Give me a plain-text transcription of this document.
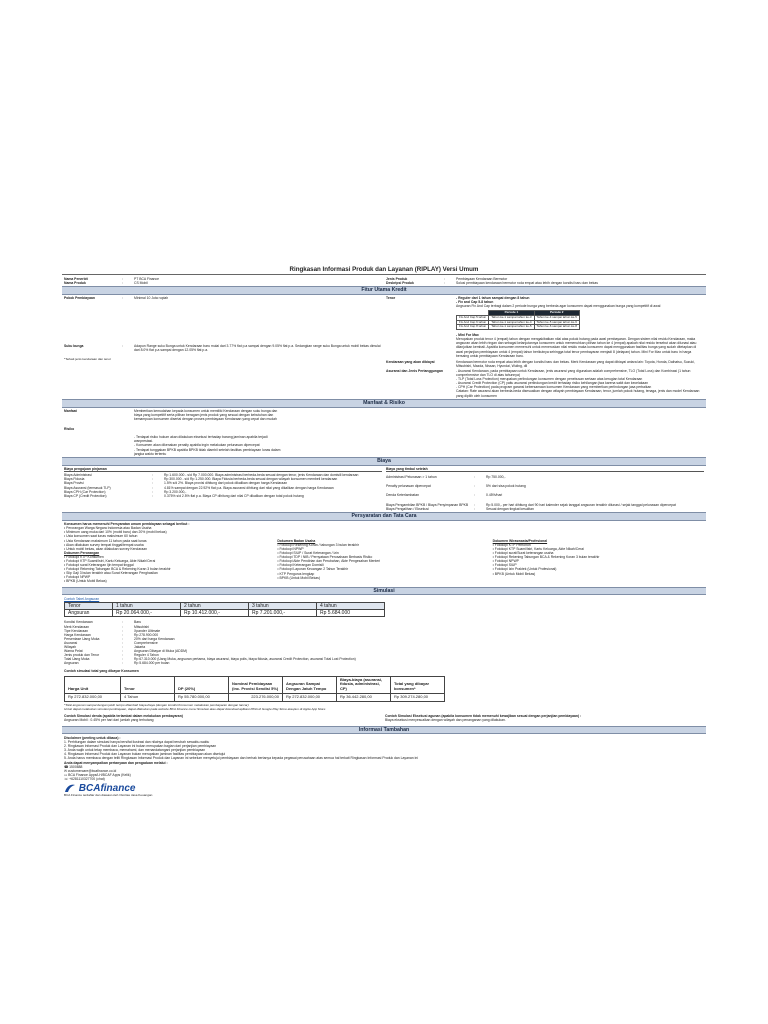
Ringkasan Informasi Produk dan Layanan (RIPLAY) Versi Umum
Nama Penerbit	:	PT BCA Finance
Nama Produk	:	CS Mobil
Jenis Produk	:	Pembiayaan Kendaraan Bermotor
Deskripsi Produk	:	Solusi pembiayaan kendaraan bermotor roda empat atau lebih dengan kondisi baru dan bekas
Fitur Utama Kredit
Pokok Pembiayaan	:	Minimal 10 Juta rupiah
Suku bunga	:	Adapun Range suku Bunga untuk Kendaraan baru mulai dari 3.77% flat p.a sampai dengan 9.05% flat p.a. Sedangkan range suku Bunga untuk mobil bekas dimulai dari 8.0% flat p.a sampai dengan 12.05% flat p.a.
*Terkait jenis kendaraan dan tenor
Tenor	- Reguler dari 1 tahun sampai dengan 8 tahun
- Fix and Cap 5-8 tahun
Angsuran Fix And Cap terbagi dalam 2 periode bunga yang berbeda agar konsumen dapat menggunakan bunga yang kompetitif di awal
	Periode 1	Periode 2
Fix And Cap 5 tahun	Tahun ke-1 sampai tahun ke-3	Tahun ke-4 sampai tahun ke-5
Fix And Cap 6 tahun	Tahun ke-1 sampai tahun ke-4	Tahun ke-5 sampai tahun ke-6
Fix And Cap 8 tahun	Tahun ke-1 sampai tahun ke-5	Tahun ke-6 sampai tahun ke-8
- Mini For Max
Merupakan produk tenor 4 (empat) tahun dengan mengakibatkan nilai atas pokok hutang pada awal pembayaran. Dengan sistem nilai residu Kendaraan, maka angsuran akan lebih ringan dan sebagai kelanjutannya konsumen untuk memenuhkan pilihan tahun ke 4 (empat) apakah nilai residu tersebut akan dilunasi atau dilanjutkan kembali. Apabila konsumen memenuhi untuk meneruskan nilai residu maka konsumen dapat menggunakan fasilitas bunga yang sudah ditetapkan di awal perjanjian pembiayaan untuk 4 (empat) tahun berikutnya sehingga total tenor pembayaran menjadi 8 (delapan) tahun. Mini For Max untuk baru in harga bersaing untuk pembiayaan Kendaraan baru.
Kendaraan yang akan dibiayai	Kendaraan bermotor roda empat atau lebih dengan kondisi baru dan bekas. Merk Kendaraan yang dapat dibiayai antara lain: Toyota, Honda, Daihatsu, Suzuki, Mitsubishi, Mazda, Nissan, Hyundai, Wuling, dll
Asuransi dan Jenis Pertanggungan	- Asuransi Kendaraan, pada pembiayaan untuk Kendaraan, jenis asuransi yang digunakan adalah comprehensive, TLO (Total Loss) dan Kombinasi (1 tahun comprehensive dan TLO di atas tahunnya)
- TLP (Total Loss Protection) merupakan perlindungan konsumen dengan penebusan sertaan atas kerugian total Kendaraan
- Asuransi Credit Protection (CP) yaitu asuransi perlindungan kredit terhadap risiko kehilangan jiwa karena sakit dan kecelakaan
- CPH (Car Protection) pada program garansi kebersamaan konsumen Kendaraan yang memberikan perlindungan jasa perbaikan
Catatan: Rate asuransi akan berbeda-beda disesuaikan dengan wilayah pembiayaan Kendaraan, tenor, jumlah pokok hutang, tenaga, jenis dan model Kendaraan yang dipilih oleh konsumen
Manfaat & Risiko
Manfaat	Memberikan kemudahan kepada konsumen untuk memiliki Kendaraan dengan suku bunga dan biaya yang kompetitif serta pilihan beragam jenis produk yang sesuai dengan kebutuhan dan kemampuan konsumen disertai dengan proses pembiayaan Kendaraan yang cepat dan mudah
Risiko
- Terdapat risiko hukum akan dilakukan eksekusi terhadap barang jaminan apabila terjadi wanprestasi.
- Konsumen akan dikenakan penalty apabila ingin melakukan pelunasan dipercepat
- Terdapat tunggakan BPKB apabila BPKB tidak diambil setelah fasilitas pembiayaan lunas dalam jangka waktu tertentu
Biaya
Biaya pengajuan pinjaman
Biaya Administrasi	:	Rp 1.600.000 - s/d Rp 7.000.000. Biaya administrasi berbeda-beda sesuai dengan tenor, jenis Kendaraan dan domisili kendaraan
Biaya Fidusia	:	Rp 300.000 - s/d Rp 1.250.000. Biaya Fidusia berbeda-beda sesuai dengan wilayah konsumen membeli kendaraan
Biaya Provisi	:	1.5% s/d 2%. Biaya provisi dihitung dari pokok dikalikan dengan harga Kendaraan
Biaya Asuransi (termasuk TLP)	:	4.81% sampai dengan 22.92% flat p.a. Biaya asuransi dihitung dari nilai yang dikalikan dengan harga Kendaraan
Biaya CPH (Car Protection)	:	Rp 3.200.000,-
Biaya CP (Credit Protection)	:	0.375% s/d 2.5% flat p.a. Biaya CP dihitung dari nilai CP dikalikan dengan total pokok hutang
Biaya yang timbul setelah
Administrasi Pelunasan > 1 tahun	:	Rp 750.000,-
Penalty pelunasan dipercepat	:	5% dari sisa pokok hutang
Denda Keterlambatan	:	0.45%/hari
Biaya Pengambilan BPKB / Biaya Penyimpanan BPKB	:	Rp 5.000,- per hari dihitung dari 90 hari kalender sejak tanggal angsuran terakhir dilunasi / sejak tanggal pelunasan dipercepat
Biaya Pengalihan / Eksekusi	:	Sesuai dengan tingkat kesulitan
Persyaratan dan Tata Cara
Konsumen harus memenuhi Persyaratan umum pembiayaan sebagai berikut :
• Perorangan Warga Negara Indonesia atau Badan Usaha
• Minimum uang muka dari 10% (mobil baru) dan 20% (mobil bekas)
• Usia konsumen saat lunas maksimum 60 tahun
• Usia Kendaraan maksimum 11 tahun pada saat lunas
• Akan dilakukan survey tempat tinggal/tempat usaha
• Untuk mobil bekas, akan dilakukan survey Kendaraan
Dokumen Perorangan
• Fotokopi KTP Konsumen
• Fotokopi KTP Suami/Istri, Kartu Keluarga, Akte Nikah/Cerai
• Fotokopi surat Keterangan Ijin tempat tinggal
• Fotokopi Rekening Tabungan BCA & Rekening Koran 3 bulan terakhir
• Slip Gaji 3 bulan terakhir atau Surat Keterangan Penghasilan
• Fotokopi NPWP
• BPKB (Untuk Mobil Bekas)
Dokumen Badan Usaha
• Fotokopi Rekening Koran / tabungan 3 bulan terakhir
• Fotokopi NPWP
• Fotokopi SIUP / Surat Keterangan / Izin
• Fotokopi TDP / NIB / Pernyataan Perusahaan Berbasis Risiko
• Fotokopi Akte Pendirian dan Perubahan, Akte Pengesahan Menteri
• Fotokopi Keterangan Domisili
• Fotokopi Laporan Keuangan 2 Tahun Terakhir
• KTP Pengurus lengkap
• BPKB (Untuk Mobil Bekas)
Dokumen Wiraswasta/Profesional
• Fotokopi KTP Pemohon
• Fotokopi KTP Suami/Istri, Kartu Keluarga, Akte Nikah/Cerai
• Fotokopi surat/Surat keterangan usaha
• Fotokopi Rekening Tabungan BCA & Rekening Koran 3 bulan terakhir
• Fotokopi NPWP
• Fotokopi SIUP
• Fotokopi Izin Praktek (Untuk Profesional)
• BPKB (Untuk Mobil Bekas)
Simulasi
Contoh Tabel Angsuran
Tenor	1 tahun	2 tahun	3 tahun	4 tahun
Angsuran	Rp 20.064.000,-	Rp 10.412.000,-	Rp 7.201.000,-	Rp 5.684.000
Kondisi Kendaraan	:	Baru
Merk Kendaraan	:	Mitsubishi
Tipe Kendaraan	:	Xpander Ultimate
Harga Kendaraan	:	Rp 278.900.000
Persentase Uang Muka	:	20% dari harga Kendaraan
Asuransi	:	Comprehensive
Wilayah	:	Jakarta
Warna Pelat	:	Angsuran Dibayar di Muka (ADDM)
Jenis produk dan Tenor	:	Reguler 4 Tahun
Total Uang Muka	:	Rp 67.310.000 (Uang Muka, angsuran pertama, biaya asuransi, biaya polis, biaya fidusia, asuransi Credit Protection, asuransi Total Lost Protection)
Angsuran	:	Rp 5.684.000 per bulan
Contoh simulasi total yang dibayar Konsumen
Harga Unit	Tenor	DP (20%)	Nominal Pembiayaan (inc. Provisi Sendisi 5%)	Angsuran Sampai Dengan Jatuh Tempo	Biaya-biaya (asuransi, fidusia, administrasi, CP)	Total yang dibayar konsumen*
Rp 272.832.000,00	4 Tahun	Rp 55.780.000,00	223.276.000,00	Rp 272.832.000,00	Rp 36.442.280,00	Rp 309.274.280,00
*Total angsuran sampai dengan jatuh tempo ditambah biaya-biaya (dengan kondisi Konsumen melakukan pembayaran dengan lancar)
Untuk dapat melakukan simulasi pembiayaan, dapat dilakukan pada website BCA Finance menu Simulasi atau dapat download aplikasi PINA di Google Play Store ataupun di Apple App Store
Contoh Simulasi denda (apabila terlambat dalam melakukan pembayaran)
Angsuran Mobil : 0.45% per hari dari jumlah yang terhutang
Contoh Simulasi Eksekusi agunan (apabila konsumen tidak memenuhi kewajiban sesuai dengan perjanjian pembiayaan) :
Biaya eksekusi menyesuaikan dengan wilayah dan penanganan yang dilakukan.
Informasi Tambahan
Disclaimer (penting untuk dibaca) :
1. Perhitungan dalam simulasi hanya bersifat ilustrasi dan nilainya dapat berubah sewaktu-waktu
2. Ringkasan Informasi Produk dan Layanan ini bukan merupakan bagian dari perjanjian pembiayaan
3. Anda wajib untuk tetap membaca, memahami, dan menandatangani perjanjian pembiayaan
4. Ringkasan Informasi Produk dan Layanan bukan merupakan jaminan fasilitas pembiayaan akan disetujui
5. Anda harus membaca dengan teliti Ringkasan Informasi Produk dan Layanan ini sebelum menyetujui pembiayaan dan berhak bertanya kepada pegawai perusahaan atas semua hal terkait Ringkasan Informasi Produk dan Layanan ini
Anda dapat menyampaikan pertanyaan dan pengaduan melalui :
☎ 1500888
✉ customercare@bcafinance.co.id
▭ BCA Finance Apps/LH/BCAF Apps (Kelik)
☏ +6281110327700 (chat)
BCAfinance
BCA Finance terdaftar dan diawasi oleh Otoritas Jasa Keuangan
